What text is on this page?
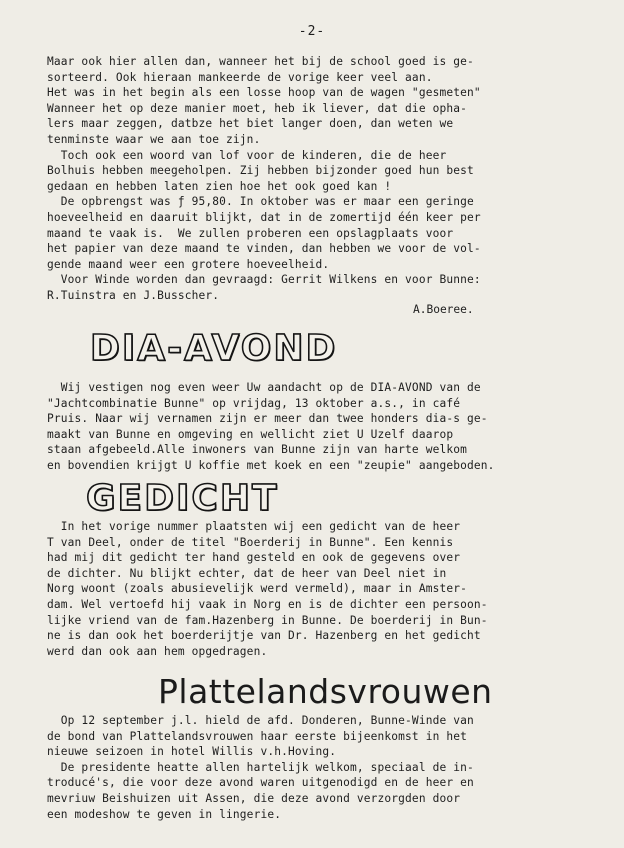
-2-
Maar ook hier allen dan, wanneer het bij de school goed is ge-
sorteerd. Ook hieraan mankeerde de vorige keer veel aan.
Het was in het begin als een losse hoop van de wagen "gesmeten"
Wanneer het op deze manier moet, heb ik liever, dat die opha-
lers maar zeggen, datbze het biet langer doen, dan weten we
tenminste waar we aan toe zijn.
Toch ook een woord van lof voor de kinderen, die de heer
Bolhuis hebben meegeholpen. Zij hebben bijzonder goed hun best
gedaan en hebben laten zien hoe het ook goed kan !
De opbrengst was ƒ 95,80. In oktober was er maar een geringe
hoeveelheid en daaruit blijkt, dat in de zomertijd één keer per
maand te vaak is.  We zullen proberen een opslagplaats voor
het papier van deze maand te vinden, dan hebben we voor de vol-
gende maand weer een grotere hoeveelheid.
Voor Winde worden dan gevraagd: Gerrit Wilkens en voor Bunne:
R.Tuinstra en J.Busscher.
A.Boeree.
DIA-AVOND
Wij vestigen nog even weer Uw aandacht op de DIA-AVOND van de
"Jachtcombinatie Bunne" op vrijdag, 13 oktober a.s., in café
Pruis. Naar wij vernamen zijn er meer dan twee honders dia-s ge-
maakt van Bunne en omgeving en wellicht ziet U Uzelf daarop
staan afgebeeld.Alle inwoners van Bunne zijn van harte welkom
en bovendien krijgt U koffie met koek en een "zeupie" aangeboden.
GEDICHT
In het vorige nummer plaatsten wij een gedicht van de heer
T van Deel, onder de titel "Boerderij in Bunne". Een kennis
had mij dit gedicht ter hand gesteld en ook de gegevens over
de dichter. Nu blijkt echter, dat de heer van Deel niet in
Norg woont (zoals abusievelijk werd vermeld), maar in Amster-
dam. Wel vertoefd hij vaak in Norg en is de dichter een persoon-
lijke vriend van de fam.Hazenberg in Bunne. De boerderij in Bun-
ne is dan ook het boerderijtje van Dr. Hazenberg en het gedicht
werd dan ook aan hem opgedragen.
Plattelandsvrouwen
Op 12 september j.l. hield de afd. Donderen, Bunne-Winde van
de bond van Plattelandsvrouwen haar eerste bijeenkomst in het
nieuwe seizoen in hotel Willis v.h.Hoving.
De presidente heatte allen hartelijk welkom, speciaal de in-
troducé's, die voor deze avond waren uitgenodigd en de heer en
mevriuw Beishuizen uit Assen, die deze avond verzorgden door
een modeshow te geven in lingerie.
